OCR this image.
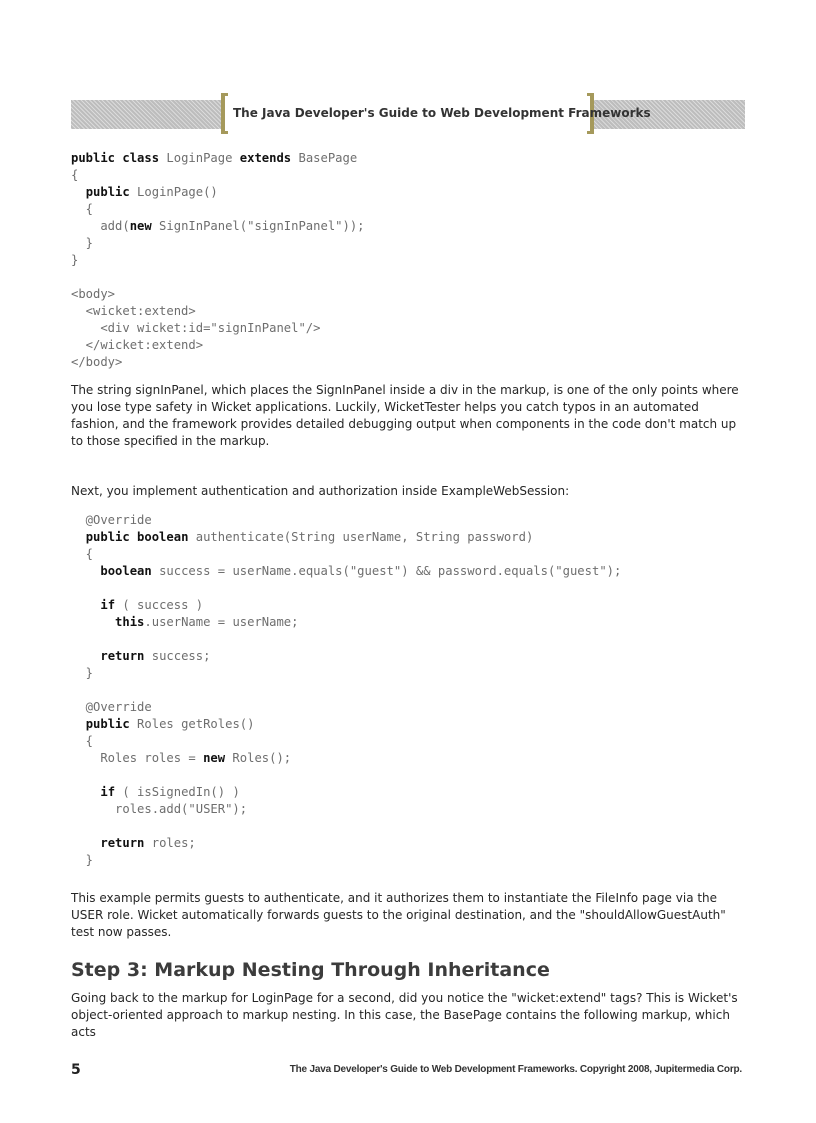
The Java Developer's Guide to Web Development Frameworks
public class LoginPage extends BasePage
{
public LoginPage()
{
add(new SignInPanel("signInPanel"));
}
}

<body>
<wicket:extend>
<div wicket:id="signInPanel"/>
</wicket:extend>
</body>

The string signInPanel, which places the SignInPanel inside a div in the markup, is one of the only points where you lose type safety in Wicket applications. Luckily, WicketTester helps you catch typos in an automated fashion, and the framework provides detailed debugging output when components in the code don't match up to those specified in the markup.

Next, you implement authentication and authorization inside ExampleWebSession:

@Override
public boolean authenticate(String userName, String password)
{
boolean success = userName.equals("guest") && password.equals("guest");

if ( success )
this.userName = userName;

return success;
}

@Override
public Roles getRoles()
{
Roles roles = new Roles();

if ( isSignedIn() )
roles.add("USER");

return roles;
}

This example permits guests to authenticate, and it authorizes them to instantiate the FileInfo page via the USER role. Wicket automatically forwards guests to the original destination, and the "shouldAllowGuestAuth" test now passes.

Step 3: Markup Nesting Through Inheritance

Going back to the markup for LoginPage for a second, did you notice the "wicket:extend" tags? This is Wicket's object-oriented approach to markup nesting. In this case, the BasePage contains the following markup, which acts

5	The Java Developer's Guide to Web Development Frameworks. Copyright 2008, Jupitermedia Corp.
